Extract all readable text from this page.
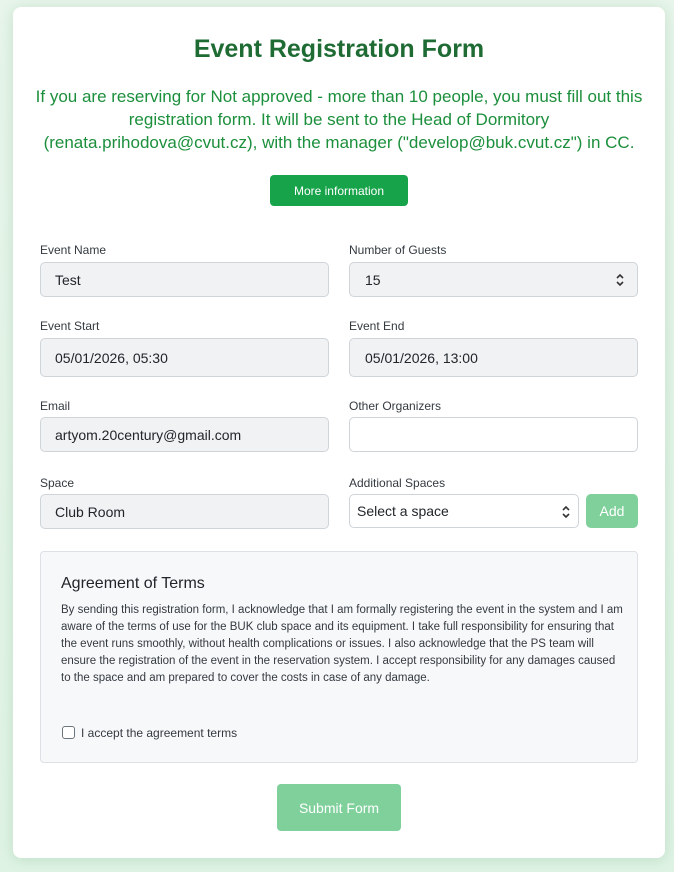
Event Registration Form
If you are reserving for Not approved - more than 10 people, you must fill out this registration form. It will be sent to the Head of Dormitory (renata.prihodova@cvut.cz), with the manager ("develop@buk.cvut.cz") in CC.
More information
Event Name
Test
Number of Guests
15
Event Start
05/01/2026, 05:30
Event End
05/01/2026, 13:00
Email
artyom.20century@gmail.com
Other Organizers
Space
Club Room
Additional Spaces
Select a space	Add
Agreement of Terms
By sending this registration form, I acknowledge that I am formally registering the event in the system and I am aware of the terms of use for the BUK club space and its equipment. I take full responsibility for ensuring that the event runs smoothly, without health complications or issues. I also acknowledge that the PS team will ensure the registration of the event in the reservation system. I accept responsibility for any damages caused to the space and am prepared to cover the costs in case of any damage.
I accept the agreement terms
Submit Form
